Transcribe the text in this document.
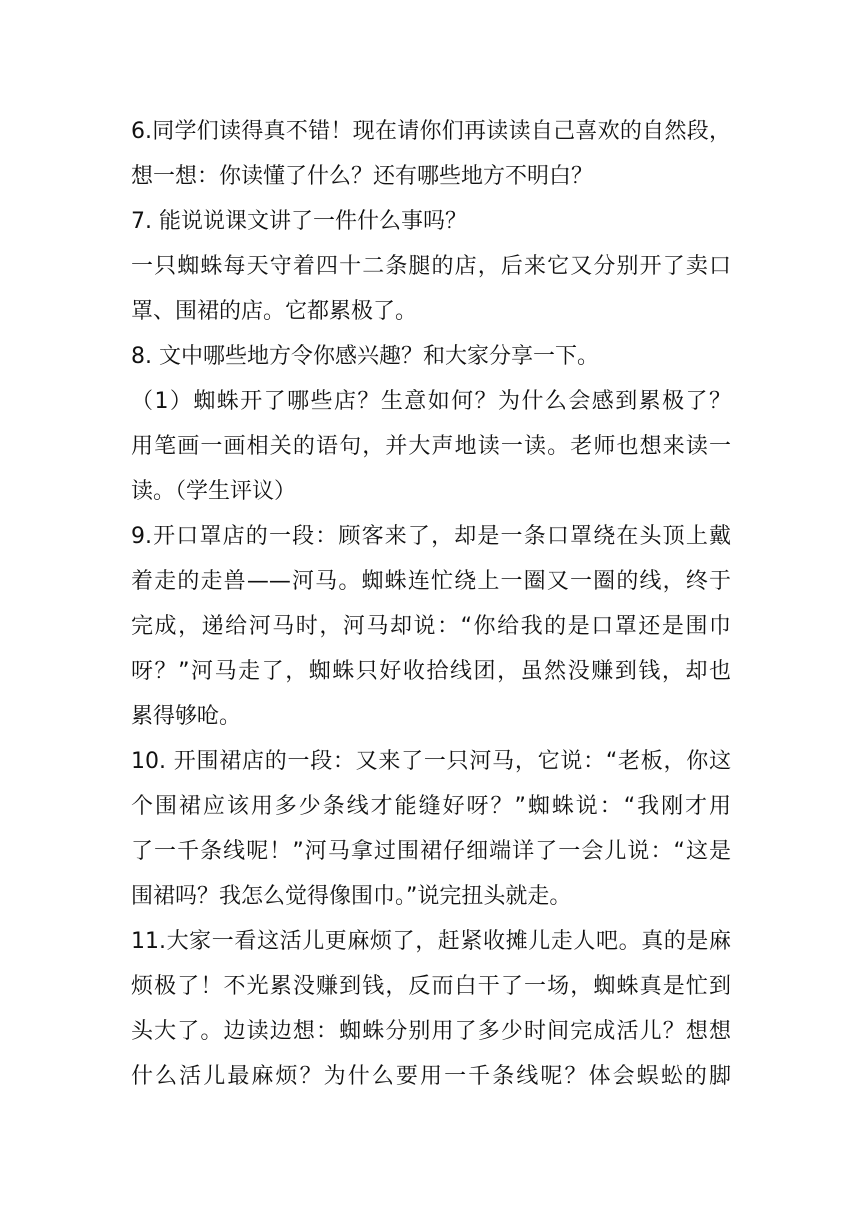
6.同学们读得真不错！现在请你们再读读自己喜欢的自然段，
想一想：你读懂了什么？还有哪些地方不明白？
7. 能说说课文讲了一件什么事吗？
一只蜘蛛每天守着四十二条腿的店，后来它又分别开了卖口
罩、围裙的店。它都累极了。
8. 文中哪些地方令你感兴趣？和大家分享一下。
（1）蜘蛛开了哪些店？生意如何？为什么会感到累极了？
用笔画一画相关的语句，并大声地读一读。老师也想来读一
读。（学生评议）
9.开口罩店的一段：顾客来了，却是一条口罩绕在头顶上戴
着走的走兽——河马。蜘蛛连忙绕上一圈又一圈的线，终于
完成，递给河马时，河马却说：“你给我的是口罩还是围巾
呀？”河马走了，蜘蛛只好收拾线团，虽然没赚到钱，却也
累得够呛。
10. 开围裙店的一段：又来了一只河马，它说：“老板，你这
个围裙应该用多少条线才能缝好呀？”蜘蛛说：“我刚才用
了一千条线呢！”河马拿过围裙仔细端详了一会儿说：“这是
围裙吗？我怎么觉得像围巾。”说完扭头就走。
11.大家一看这活儿更麻烦了，赶紧收摊儿走人吧。真的是麻
烦极了！不光累没赚到钱，反而白干了一场，蜘蛛真是忙到
头大了。边读边想：蜘蛛分别用了多少时间完成活儿？想想
什么活儿最麻烦？为什么要用一千条线呢？体会蜈蚣的脚
